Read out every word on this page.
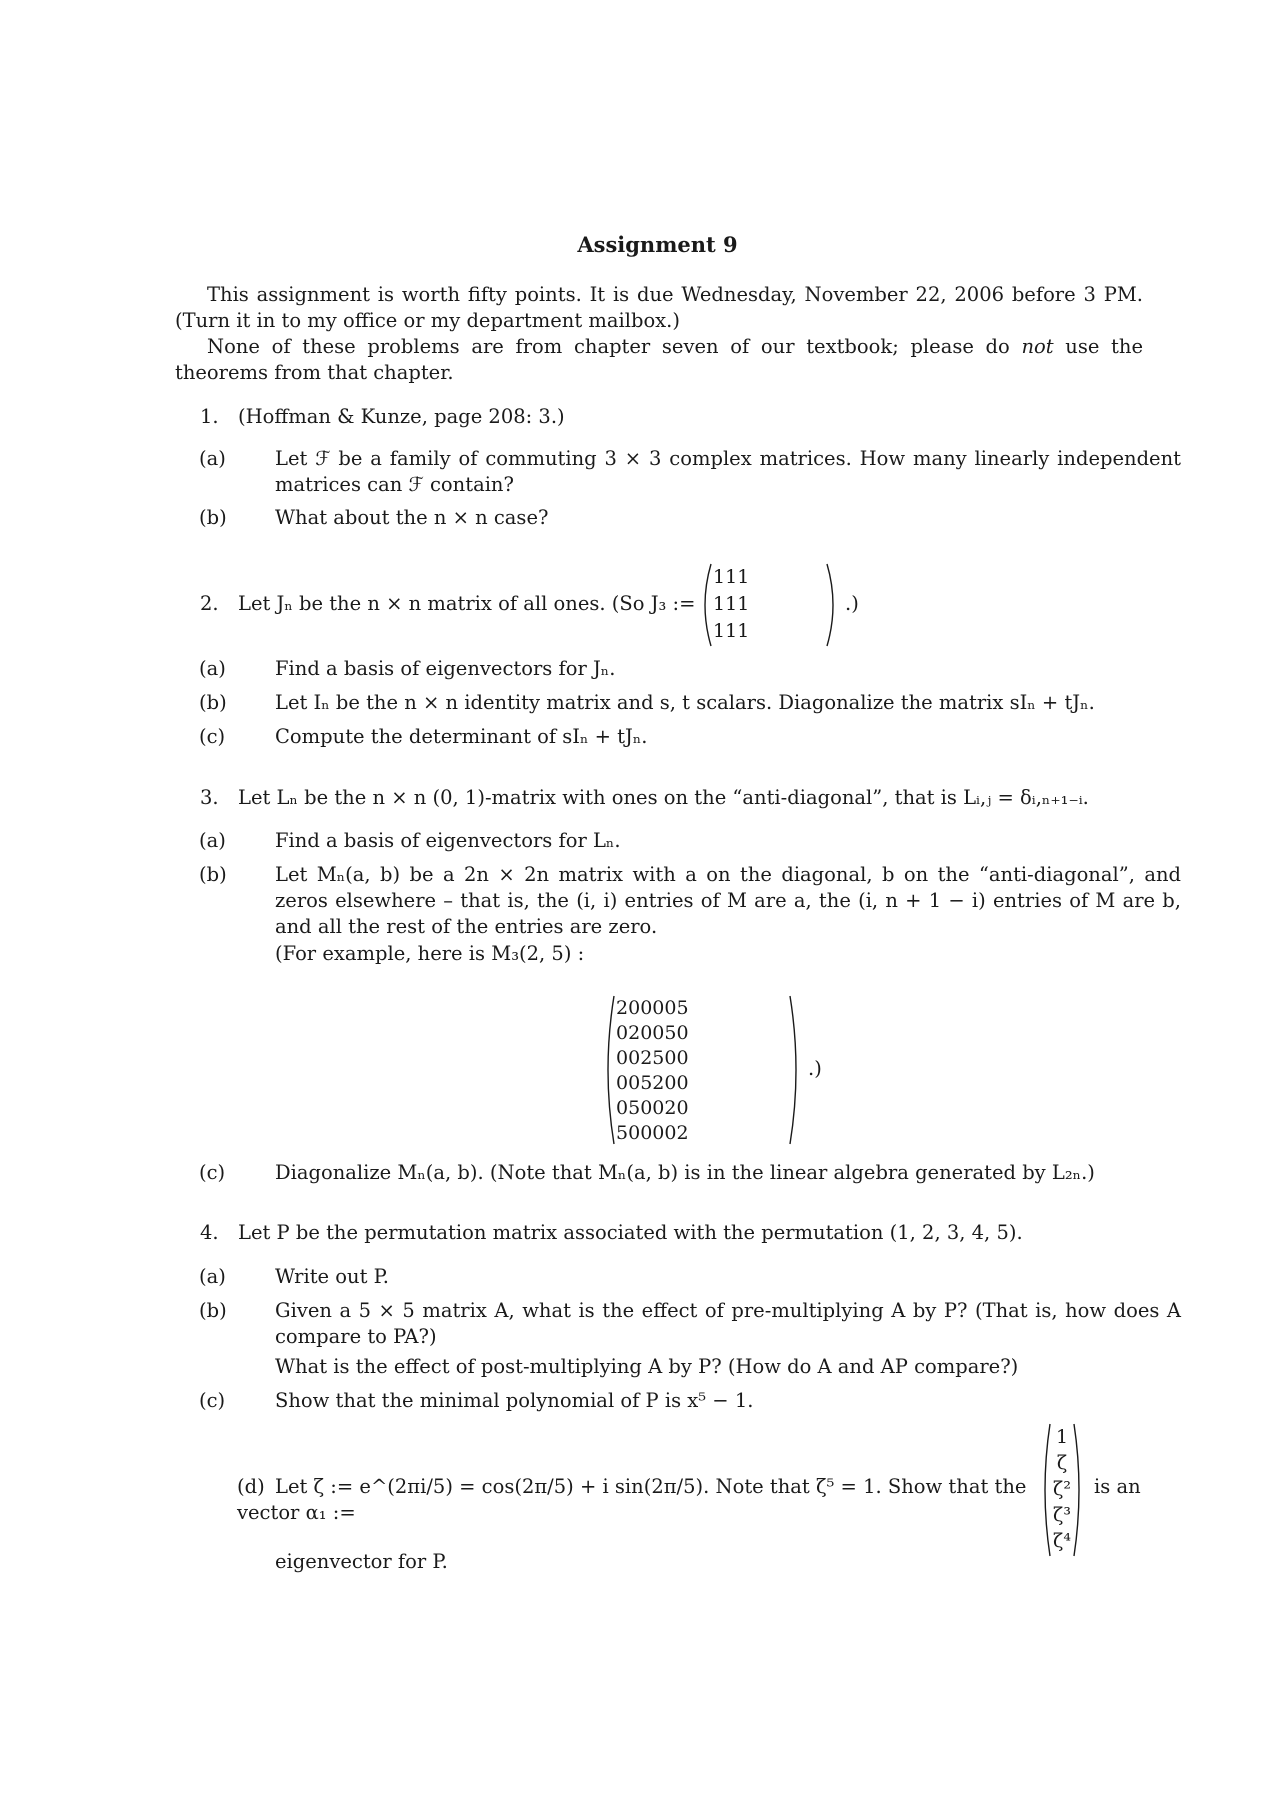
Assignment 9
This assignment is worth fifty points. It is due Wednesday, November 22, 2006 before 3 PM. (Turn it in to my office or my department mailbox.)
None of these problems are from chapter seven of our textbook; please do not use the theorems from that chapter.
1. (Hoffman & Kunze, page 208: 3.)
(a)	Let ℱ be a family of commuting 3 × 3 complex matrices. How many linearly independent matrices can ℱ contain?
(b) What about the n × n case?
2. Let Jₙ be the n × n matrix of all ones. (So J₃ :=
1	1	1
1	1	1
1	1	1
.)
(a)	Find a basis of eigenvectors for Jₙ.
(b) Let Iₙ be the n × n identity matrix and s, t scalars. Diagonalize the matrix sIₙ + tJₙ.
(c)	Compute the determinant of sIₙ + tJₙ.
3. Let Lₙ be the n × n (0, 1)-matrix with ones on the “anti-diagonal”, that is Lᵢ,ⱼ = δᵢ,ₙ₊₁₋ᵢ.
(a)	Find a basis of eigenvectors for Lₙ.
(b) Let Mₙ(a, b) be a 2n × 2n matrix with a on the diagonal, b on the “anti-diagonal”, and zeros elsewhere – that is, the (i, i) entries of M are a, the (i, n + 1 − i) entries of M are b, and all the rest of the entries are zero.
(For example, here is M₃(2, 5) :
2	0	0	0	0	5
0	2	0	0	5	0
0	0	2	5	0	0
0	0	5	2	0	0
0	5	0	0	2	0
5	0	0	0	0	2
.)
(c)	Diagonalize Mₙ(a, b). (Note that Mₙ(a, b) is in the linear algebra generated by L₂ₙ.)
4. Let P be the permutation matrix associated with the permutation (1, 2, 3, 4, 5).
(a)	Write out P.
(b) Given a 5 × 5 matrix A, what is the effect of pre-multiplying A by P? (That is, how does A compare to PA?)
What is the effect of post-multiplying A by P? (How do A and AP compare?)
(c)	Show that the minimal polynomial of P is x⁵ − 1.
(d) Let ζ := e^(2πi/5) = cos(2π/5) + i sin(2π/5). Note that ζ⁵ = 1. Show that the vector α₁ :=
1
ζ
ζ²
ζ³
ζ⁴
is an
eigenvector for P.
